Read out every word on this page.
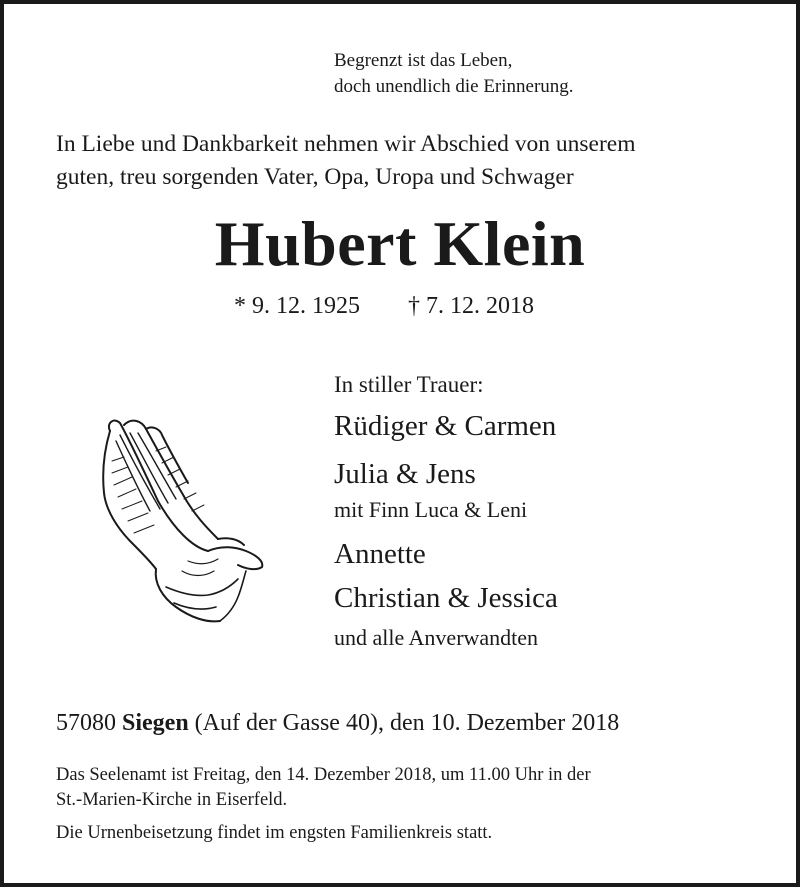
Begrenzt ist das Leben,
doch unendlich die Erinnerung.
In Liebe und Dankbarkeit nehmen wir Abschied von unserem
guten, treu sorgenden Vater, Opa, Uropa und Schwager
Hubert Klein
* 9. 12. 1925 † 7. 12. 2018
In stiller Trauer:
Rüdiger & Carmen
Julia & Jens
mit Finn Luca & Leni
Annette
Christian & Jessica
und alle Anverwandten
57080 Siegen (Auf der Gasse 40), den 10. Dezember 2018
Das Seelenamt ist Freitag, den 14. Dezember 2018, um 11.00 Uhr in der
St.-Marien-Kirche in Eiserfeld.
Die Urnenbeisetzung findet im engsten Familienkreis statt.
